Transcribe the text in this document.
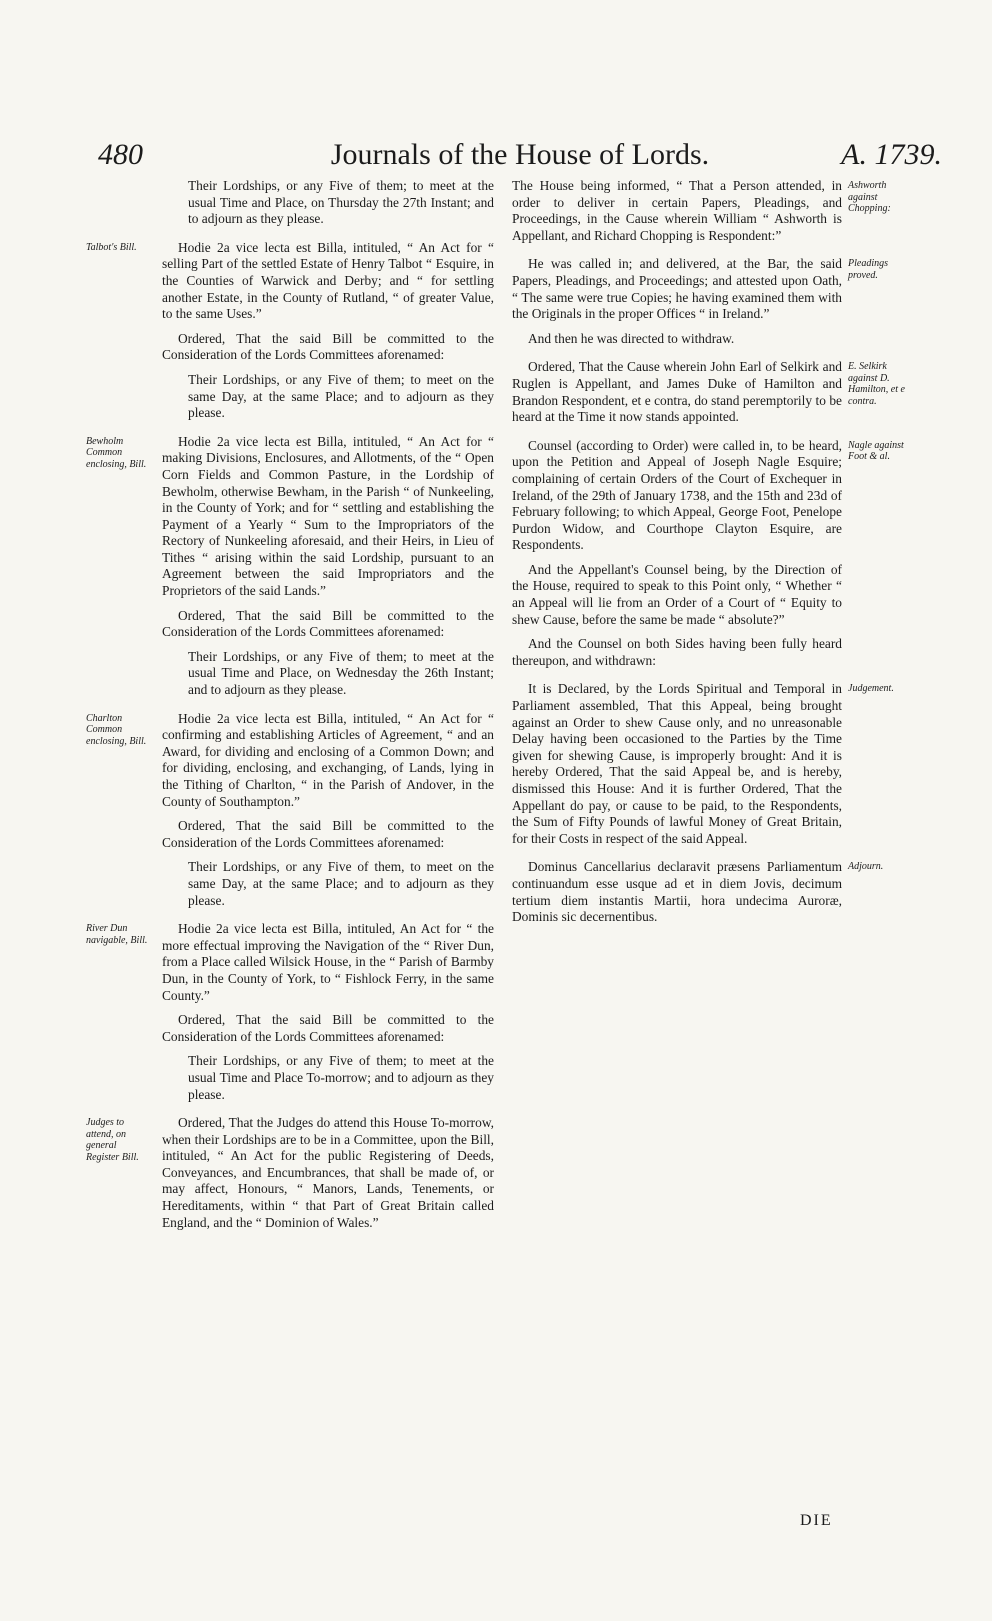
480	Journals of the House of Lords.	A. 1739.

Their Lordships, or any Five of them; to meet at the usual Time and Place, on Thursday the 27th Instant; and to adjourn as they please.

Talbot's Bill.	Hodie 2a vice lecta est Billa, intituled, “ An Act for “ selling Part of the settled Estate of Henry Talbot “ Esquire, in the Counties of Warwick and Derby; and “ for settling another Estate, in the County of Rutland, “ of greater Value, to the same Uses.”

Ordered, That the said Bill be committed to the Consideration of the Lords Committees aforenamed:

Their Lordships, or any Five of them; to meet on the same Day, at the same Place; and to adjourn as they please.

Bewholm Common enclosing, Bill.

Hodie 2a vice lecta est Billa, intituled, “ An Act for “ making Divisions, Enclosures, and Allotments, of the “ Open Corn Fields and Common Pasture, in the Lordship of Bewholm, otherwise Bewham, in the Parish “ of Nunkeeling, in the County of York; and for “ settling and establishing the Payment of a Yearly “ Sum to the Impropriators of the Rectory of Nunkeeling aforesaid, and their Heirs, in Lieu of Tithes “ arising within the said Lordship, pursuant to an Agreement between the said Impropriators and the Proprietors of the said Lands.”

Ordered, That the said Bill be committed to the Consideration of the Lords Committees aforenamed:

Their Lordships, or any Five of them; to meet at the usual Time and Place, on Wednesday the 26th Instant; and to adjourn as they please.

Charlton Common enclosing, Bill.

Hodie 2a vice lecta est Billa, intituled, “ An Act for “ confirming and establishing Articles of Agreement, “ and an Award, for dividing and enclosing of a Common Down; and for dividing, enclosing, and exchanging, of Lands, lying in the Tithing of Charlton, “ in the Parish of Andover, in the County of Southampton.”

Ordered, That the said Bill be committed to the Consideration of the Lords Committees aforenamed:

Their Lordships, or any Five of them, to meet on the same Day, at the same Place; and to adjourn as they please.

River Dun navigable, Bill.

Hodie 2a vice lecta est Billa, intituled, An Act for “ the more effectual improving the Navigation of the “ River Dun, from a Place called Wilsick House, in the “ Parish of Barmby Dun, in the County of York, to “ Fishlock Ferry, in the same County.”

Ordered, That the said Bill be committed to the Consideration of the Lords Committees aforenamed:

Their Lordships, or any Five of them; to meet at the usual Time and Place To-morrow; and to adjourn as they please.

Judges to attend, on general Register Bill.

Ordered, That the Judges do attend this House To-morrow, when their Lordships are to be in a Committee, upon the Bill, intituled, “ An Act for the public Registering of Deeds, Conveyances, and Encumbrances, that shall be made of, or may affect, Honours, “ Manors, Lands, Tenements, or Hereditaments, within “ that Part of Great Britain called England, and the “ Dominion of Wales.”

Ashworth against Chopping:

The House being informed, “ That a Person attended, in order to deliver in certain Papers, Pleadings, and Proceedings, in the Cause wherein William “ Ashworth is Appellant, and Richard Chopping is Respondent:”

Pleadings proved.

He was called in; and delivered, at the Bar, the said Papers, Pleadings, and Proceedings; and attested upon Oath, “ The same were true Copies; he having examined them with the Originals in the proper Offices “ in Ireland.”

And then he was directed to withdraw.

E. Selkirk against D. Hamilton, et e contra.

Ordered, That the Cause wherein John Earl of Selkirk and Ruglen is Appellant, and James Duke of Hamilton and Brandon Respondent, et e contra, do stand peremptorily to be heard at the Time it now stands appointed.

Nagle against Foot & al.

Counsel (according to Order) were called in, to be heard, upon the Petition and Appeal of Joseph Nagle Esquire; complaining of certain Orders of the Court of Exchequer in Ireland, of the 29th of January 1738, and the 15th and 23d of February following; to which Appeal, George Foot, Penelope Purdon Widow, and Courthope Clayton Esquire, are Respondents.

And the Appellant's Counsel being, by the Direction of the House, required to speak to this Point only, “ Whether “ an Appeal will lie from an Order of a Court of “ Equity to shew Cause, before the same be made “ absolute?”

And the Counsel on both Sides having been fully heard thereupon, and withdrawn:

Judgement.

It is Declared, by the Lords Spiritual and Temporal in Parliament assembled, That this Appeal, being brought against an Order to shew Cause only, and no unreasonable Delay having been occasioned to the Parties by the Time given for shewing Cause, is improperly brought: And it is hereby Ordered, That the said Appeal be, and is hereby, dismissed this House: And it is further Ordered, That the Appellant do pay, or cause to be paid, to the Respondents, the Sum of Fifty Pounds of lawful Money of Great Britain, for their Costs in respect of the said Appeal.

Adjourn.

Dominus Cancellarius declaravit præsens Parliamentum continuandum esse usque ad et in diem Jovis, decimum tertium diem instantis Martii, hora undecima Auroræ, Dominis sic decernentibus.

DIE
